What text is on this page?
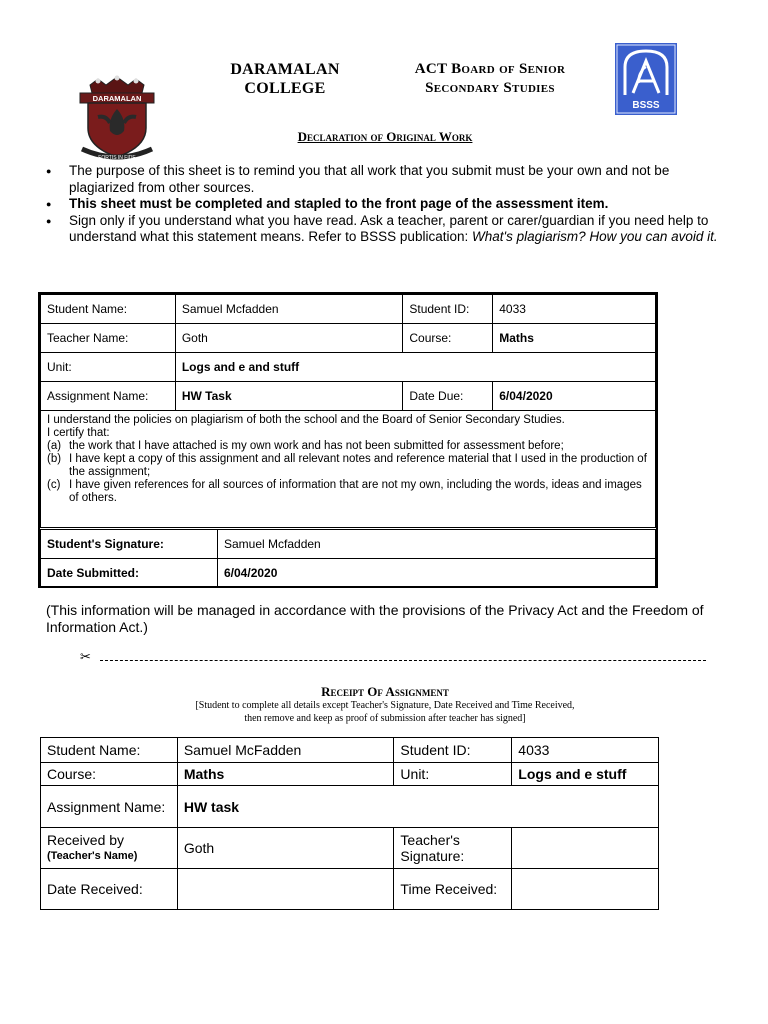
DARAMALAN
FORTIS IN FIDE
DARAMALAN
COLLEGE
ACT Board of Senior
Secondary Studies
BSSS
Declaration of Original Work
● The purpose of this sheet is to remind you that all work that you submit must be your own and not be plagiarized from other sources.
● This sheet must be completed and stapled to the front page of the assessment item.
● Sign only if you understand what you have read. Ask a teacher, parent or carer/guardian if you need help to understand what this statement means. Refer to BSSS publication: What's plagiarism? How you can avoid it.
Student Name:	Samuel Mcfadden	Student ID:	4033
Teacher Name:	Goth	Course:	Maths
Unit:	Logs and e and stuff		
Assignment Name:	HW Task	Date Due:	6/04/2020
I understand the policies on plagiarism of both the school and the Board of Senior Secondary Studies.
I certify that:
(a) the work that I have attached is my own work and has not been submitted for assessment before;
(b) I have kept a copy of this assignment and all relevant notes and reference material that I used in the production of the assignment;
(c) I have given references for all sources of information that are not my own, including the words, ideas and images of others.
Student's Signature:	Samuel Mcfadden
Date Submitted:	6/04/2020
(This information will be managed in accordance with the provisions of the Privacy Act and the Freedom of Information Act.)
✂
Receipt Of Assignment
[Student to complete all details except Teacher's Signature, Date Received and Time Received,
then remove and keep as proof of submission after teacher has signed]
Student Name:	Samuel McFadden	Student ID:	4033
Course:	Maths	Unit:	Logs and e stuff
Assignment Name:	HW task		

Received by
(Teacher's Name)	Goth	Teacher's Signature:	
Date Received:		Time Received:	
